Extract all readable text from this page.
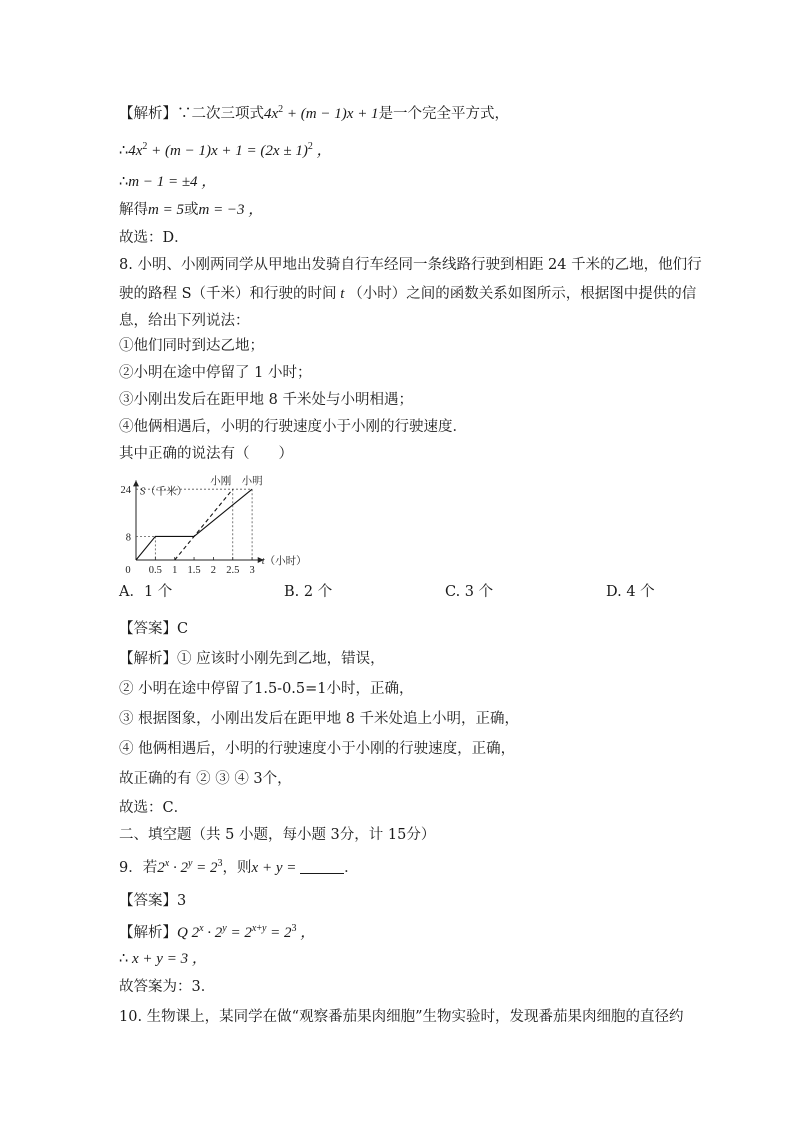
【解析】∵二次三项式$4x^2 + (m - 1)x + 1$是一个完全平方式，
$\therefore 4x^2 + (m - 1)x + 1 = (2x \pm 1)^2$ ，
∴m − 1 = ±4 ，
解得m = 5或m = −3 ，
故选：D．
8. 小明、小刚两同学从甲地出发骑自行车经同一条线路行驶到相距 24 千米的乙地，他们行
驶的路程 S（千米）和行驶的时间 t （小时）之间的函数关系如图所示，根据图中提供的信
息，给出下列说法：
①他们同时到达乙地；
②小明在途中停留了 1 小时；
③小刚出发后在距甲地 8 千米处与小明相遇；
④他俩相遇后，小明的行驶速度小于小刚的行驶速度．
其中正确的说法有（　　）
小明
小刚
0.5 1 1.5 2 2.5 3
8
24
0
S（千米）
t（小时）
A．1 个	B. 2 个	C. 3 个	D. 4 个
【答案】C
【解析】① 应该时小刚先到乙地，错误，
② 小明在途中停留了1.5-0.5=1小时，正确，
③ 根据图象，小刚出发后在距甲地 8 千米处追上小明，正确，
④ 他俩相遇后，小明的行驶速度小于小刚的行驶速度，正确，
故正确的有 ② ③ ④ 3个，
故选：C．
二、填空题（共 5 小题，每小题 3分，计 15分）
9．若$2^x \cdot 2^y = 2^3$，则x + y =	．
【答案】3
【解析】Q $2^x \cdot 2^y = 2^{x+y} = 2^3$ ，
∴ x + y = 3 ，
故答案为：3．
10. 生物课上，某同学在做“观察番茄果肉细胞”生物实验时，发现番茄果肉细胞的直径约
